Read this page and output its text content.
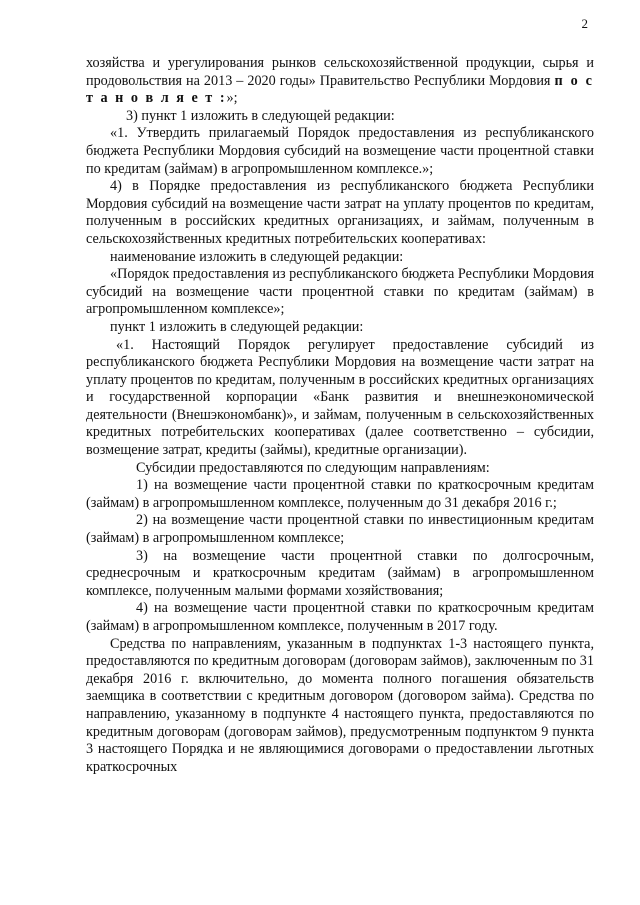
2

хозяйства и урегулирования рынков сельскохозяйственной продукции, сырья и продовольствия на 2013 – 2020 годы» Правительство Республики Мордовия п о с т а н о в л я е т :»;

3) пункт 1 изложить в следующей редакции:

«1. Утвердить прилагаемый Порядок предоставления из республиканского бюджета Республики Мордовия субсидий на возмещение части процентной ставки по кредитам (займам) в агропромышленном комплексе.»;

4) в Порядке предоставления из республиканского бюджета Республики Мордовия субсидий на возмещение части затрат на уплату процентов по кредитам, полученным в российских кредитных организациях, и займам, полученным в сельскохозяйственных кредитных потребительских кооперативах:

наименование изложить в следующей редакции:

«Порядок предоставления из республиканского бюджета Республики Мордовия субсидий на возмещение части процентной ставки по кредитам (займам) в агропромышленном комплексе»;

пункт 1 изложить в следующей редакции:

«1. Настоящий Порядок регулирует предоставление субсидий из республиканского бюджета Республики Мордовия на возмещение части затрат на уплату процентов по кредитам, полученным в российских кредитных организациях и государственной корпорации «Банк развития и внешнеэкономической деятельности (Внешэкономбанк)», и займам, полученным в сельскохозяйственных кредитных потребительских кооперативах (далее соответственно – субсидии, возмещение затрат, кредиты (займы), кредитные организации).

Субсидии предоставляются по следующим направлениям:

1) на возмещение части процентной ставки по краткосрочным кредитам (займам) в агропромышленном комплексе, полученным до 31 декабря 2016 г.;

2) на возмещение части процентной ставки по инвестиционным кредитам (займам) в агропромышленном комплексе;

3) на возмещение части процентной ставки по долгосрочным, среднесрочным и краткосрочным кредитам (займам) в агропромышленном комплексе, полученным малыми формами хозяйствования;

4) на возмещение части процентной ставки по краткосрочным кредитам (займам) в агропромышленном комплексе, полученным в 2017 году.

Средства по направлениям, указанным в подпунктах 1-3 настоящего пункта, предоставляются по кредитным договорам (договорам займов), заключенным по 31 декабря 2016 г. включительно, до момента полного погашения обязательств заемщика в соответствии с кредитным договором (договором займа). Средства по направлению, указанному в подпункте 4 настоящего пункта, предоставляются по кредитным договорам (договорам займов), предусмотренным подпунктом 9 пункта 3 настоящего Порядка и не являющимися договорами о предоставлении льготных краткосрочных
